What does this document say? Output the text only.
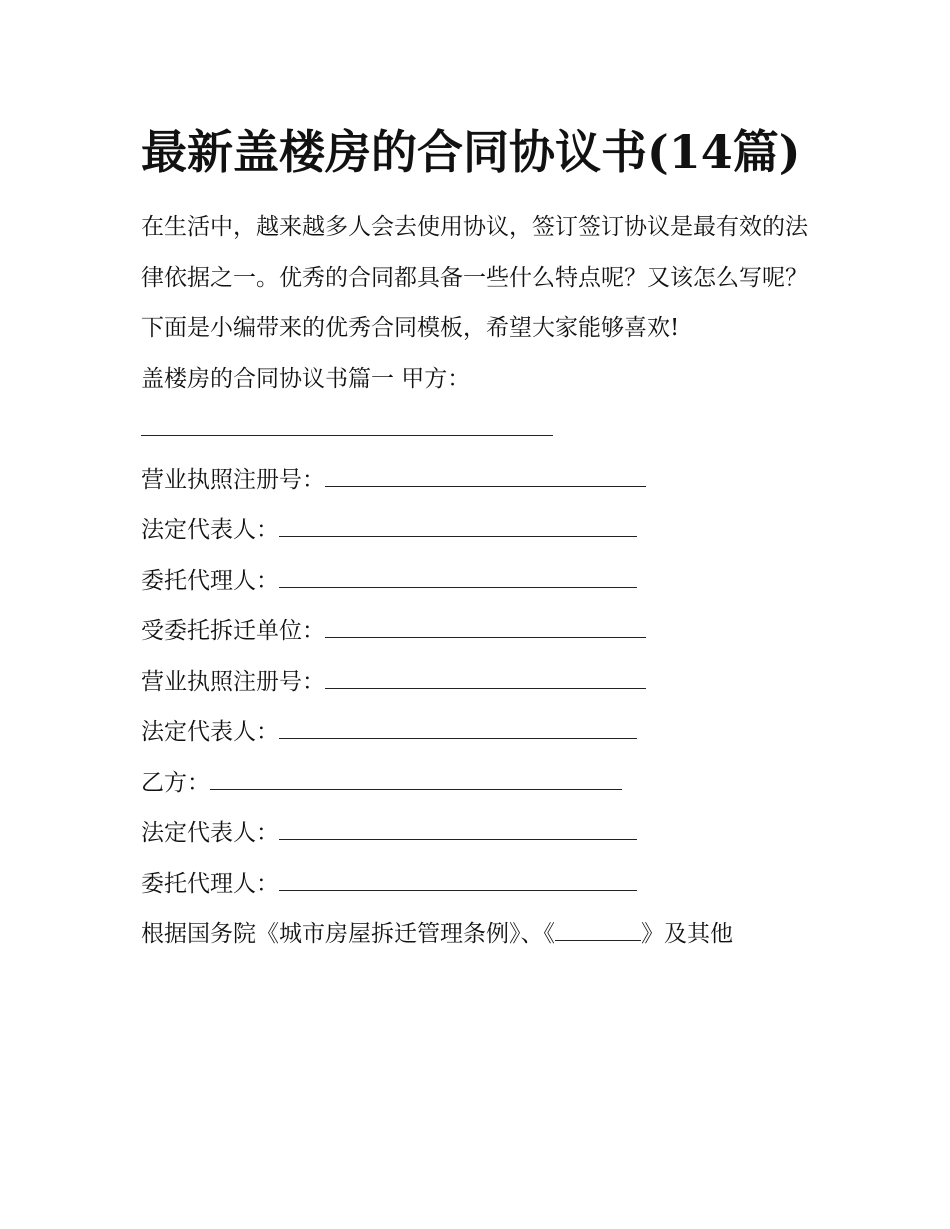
最新盖楼房的合同协议书(14篇)

在生活中，越来越多人会去使用协议，签订签订协议是最有效的法律依据之一。优秀的合同都具备一些什么特点呢？又该怎么写呢？下面是小编带来的优秀合同模板，希望大家能够喜欢!

盖楼房的合同协议书篇一 甲方：
营业执照注册号：
法定代表人：
委托代理人：
受委托拆迁单位：
营业执照注册号：
法定代表人：
乙方：
法定代表人：
委托代理人：
根据国务院《城市房屋拆迁管理条例》、《	》及其他
